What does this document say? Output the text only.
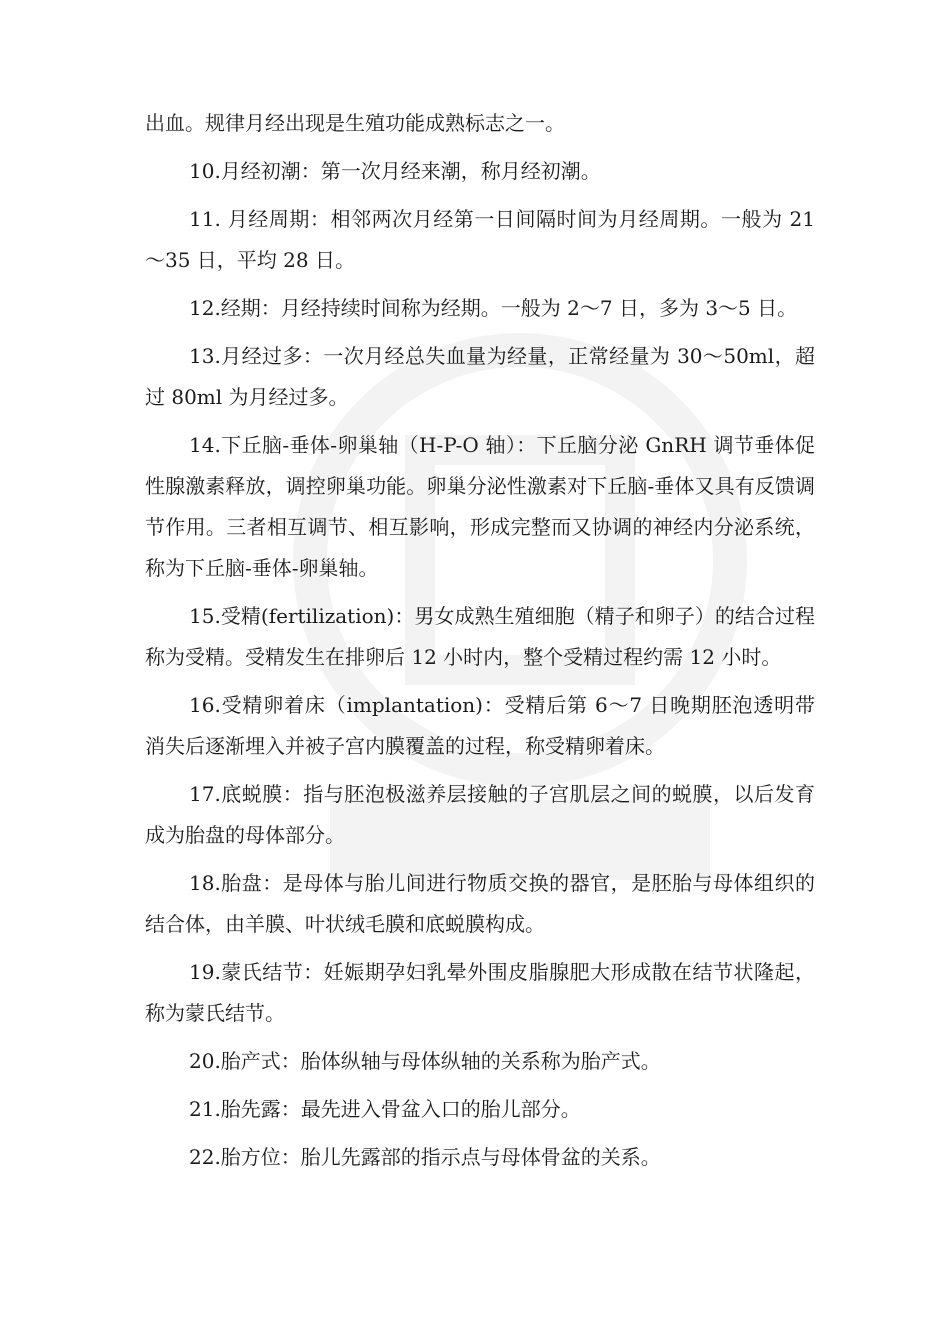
出血。规律月经出现是生殖功能成熟标志之一。

10.月经初潮：第一次月经来潮，称月经初潮。

11. 月经周期：相邻两次月经第一日间隔时间为月经周期。一般为 21～35 日，平均 28 日。

12.经期：月经持续时间称为经期。一般为 2～7 日，多为 3～5 日。

13.月经过多：一次月经总失血量为经量，正常经量为 30～50ml，超过 80ml 为月经过多。

14.下丘脑-垂体-卵巢轴（H-P-O 轴）：下丘脑分泌 GnRH 调节垂体促性腺激素释放，调控卵巢功能。卵巢分泌性激素对下丘脑-垂体又具有反馈调节作用。三者相互调节、相互影响，形成完整而又协调的神经内分泌系统，称为下丘脑-垂体-卵巢轴。

15.受精(fertilization)：男女成熟生殖细胞（精子和卵子）的结合过程称为受精。受精发生在排卵后 12 小时内，整个受精过程约需 12 小时。

16.受精卵着床（implantation)：受精后第 6～7 日晚期胚泡透明带消失后逐渐埋入并被子宫内膜覆盖的过程，称受精卵着床。

17.底蜕膜：指与胚泡极滋养层接触的子宫肌层之间的蜕膜，以后发育成为胎盘的母体部分。

18.胎盘：是母体与胎儿间进行物质交换的器官，是胚胎与母体组织的结合体，由羊膜、叶状绒毛膜和底蜕膜构成。

19.蒙氏结节：妊娠期孕妇乳晕外围皮脂腺肥大形成散在结节状隆起，称为蒙氏结节。

20.胎产式：胎体纵轴与母体纵轴的关系称为胎产式。

21.胎先露：最先进入骨盆入口的胎儿部分。

22.胎方位：胎儿先露部的指示点与母体骨盆的关系。
